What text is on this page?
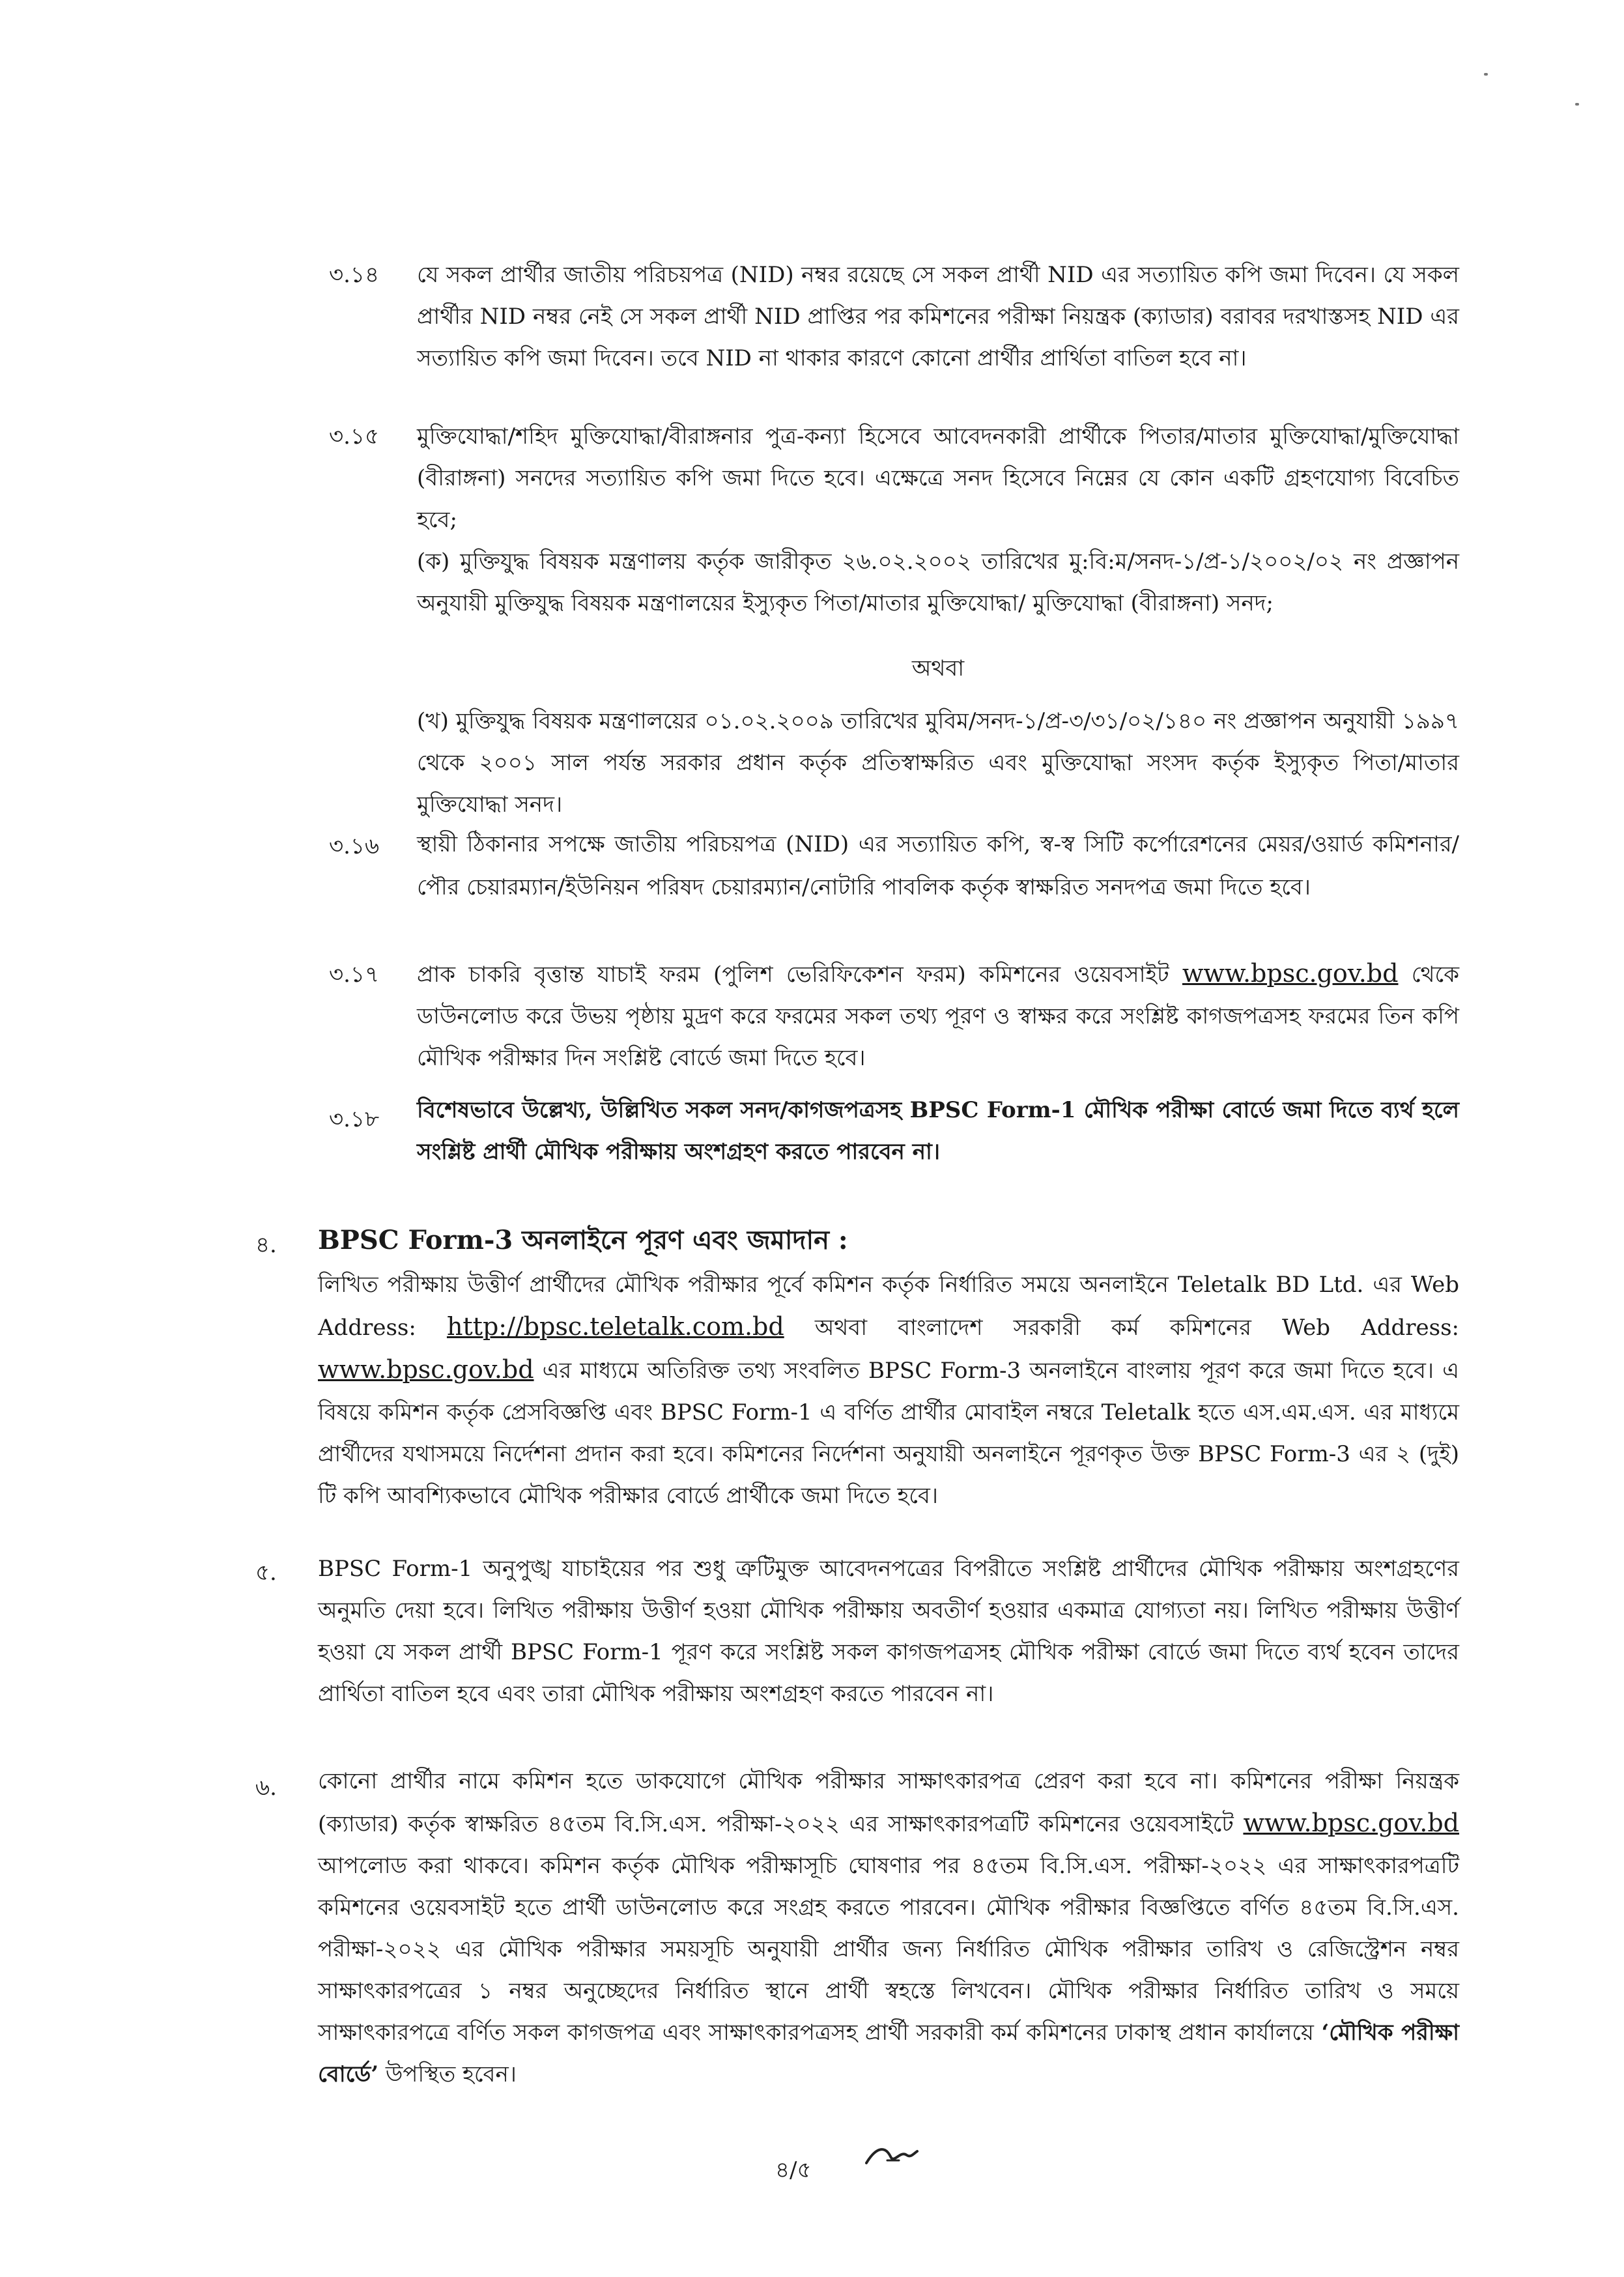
৩.১৪ যে সকল প্রার্থীর জাতীয় পরিচয়পত্র (NID) নম্বর রয়েছে সে সকল প্রার্থী NID এর সত্যায়িত কপি জমা দিবেন। যে সকল প্রার্থীর NID নম্বর নেই সে সকল প্রার্থী NID প্রাপ্তির পর কমিশনের পরীক্ষা নিয়ন্ত্রক (ক্যাডার) বরাবর দরখাস্তসহ NID এর সত্যায়িত কপি জমা দিবেন। তবে NID না থাকার কারণে কোনো প্রার্থীর প্রার্থিতা বাতিল হবে না।
৩.১৫ মুক্তিযোদ্ধা/শহিদ মুক্তিযোদ্ধা/বীরাঙ্গনার পুত্র-কন্যা হিসেবে আবেদনকারী প্রার্থীকে পিতার/মাতার মুক্তিযোদ্ধা/মুক্তিযোদ্ধা (বীরাঙ্গনা) সনদের সত্যায়িত কপি জমা দিতে হবে। এক্ষেত্রে সনদ হিসেবে নিম্নের যে কোন একটি গ্রহণযোগ্য বিবেচিত হবে;
(ক) মুক্তিযুদ্ধ বিষয়ক মন্ত্রণালয় কর্তৃক জারীকৃত ২৬.০২.২০০২ তারিখের মু:বি:ম/সনদ-১/প্র-১/২০০২/০২ নং প্রজ্ঞাপন অনুযায়ী মুক্তিযুদ্ধ বিষয়ক মন্ত্রণালয়ের ইস্যুকৃত পিতা/মাতার মুক্তিযোদ্ধা/ মুক্তিযোদ্ধা (বীরাঙ্গনা) সনদ;
অথবা
(খ) মুক্তিযুদ্ধ বিষয়ক মন্ত্রণালয়ের ০১.০২.২০০৯ তারিখের মুবিম/সনদ-১/প্র-৩/৩১/০২/১৪০ নং প্রজ্ঞাপন অনুযায়ী ১৯৯৭ থেকে ২০০১ সাল পর্যন্ত সরকার প্রধান কর্তৃক প্রতিস্বাক্ষরিত এবং মুক্তিযোদ্ধা সংসদ কর্তৃক ইস্যুকৃত পিতা/মাতার মুক্তিযোদ্ধা সনদ।
৩.১৬ স্থায়ী ঠিকানার সপক্ষে জাতীয় পরিচয়পত্র (NID) এর সত্যায়িত কপি, স্ব-স্ব সিটি কর্পোরেশনের মেয়র/ওয়ার্ড কমিশনার/পৌর চেয়ারম্যান/ইউনিয়ন পরিষদ চেয়ারম্যান/নোটারি পাবলিক কর্তৃক স্বাক্ষরিত সনদপত্র জমা দিতে হবে।
৩.১৭ প্রাক চাকরি বৃত্তান্ত যাচাই ফরম (পুলিশ ভেরিফিকেশন ফরম) কমিশনের ওয়েবসাইট www.bpsc.gov.bd থেকে ডাউনলোড করে উভয় পৃষ্ঠায় মুদ্রণ করে ফরমের সকল তথ্য পূরণ ও স্বাক্ষর করে সংশ্লিষ্ট কাগজপত্রসহ ফরমের তিন কপি মৌখিক পরীক্ষার দিন সংশ্লিষ্ট বোর্ডে জমা দিতে হবে।
৩.১৮ বিশেষভাবে উল্লেখ্য, উল্লিখিত সকল সনদ/কাগজপত্রসহ BPSC Form-1 মৌখিক পরীক্ষা বোর্ডে জমা দিতে ব্যর্থ হলে সংশ্লিষ্ট প্রার্থী মৌখিক পরীক্ষায় অংশগ্রহণ করতে পারবেন না।
৪. BPSC Form-3 অনলাইনে পূরণ এবং জমাদান :
লিখিত পরীক্ষায় উত্তীর্ণ প্রার্থীদের মৌখিক পরীক্ষার পূর্বে কমিশন কর্তৃক নির্ধারিত সময়ে অনলাইনে Teletalk BD Ltd. এর Web Address: http://bpsc.teletalk.com.bd অথবা বাংলাদেশ সরকারী কর্ম কমিশনের Web Address: www.bpsc.gov.bd এর মাধ্যমে অতিরিক্ত তথ্য সংবলিত BPSC Form-3 অনলাইনে বাংলায় পূরণ করে জমা দিতে হবে। এ বিষয়ে কমিশন কর্তৃক প্রেসবিজ্ঞপ্তি এবং BPSC Form-1 এ বর্ণিত প্রার্থীর মোবাইল নম্বরে Teletalk হতে এস.এম.এস. এর মাধ্যমে প্রার্থীদের যথাসময়ে নির্দেশনা প্রদান করা হবে। কমিশনের নির্দেশনা অনুযায়ী অনলাইনে পূরণকৃত উক্ত BPSC Form-3 এর ২ (দুই) টি কপি আবশ্যিকভাবে মৌখিক পরীক্ষার বোর্ডে প্রার্থীকে জমা দিতে হবে।
৫. BPSC Form-1 অনুপুঙ্খ যাচাইয়ের পর শুধু ত্রুটিমুক্ত আবেদনপত্রের বিপরীতে সংশ্লিষ্ট প্রার্থীদের মৌখিক পরীক্ষায় অংশগ্রহণের অনুমতি দেয়া হবে। লিখিত পরীক্ষায় উত্তীর্ণ হওয়া মৌখিক পরীক্ষায় অবতীর্ণ হওয়ার একমাত্র যোগ্যতা নয়। লিখিত পরীক্ষায় উত্তীর্ণ হওয়া যে সকল প্রার্থী BPSC Form-1 পূরণ করে সংশ্লিষ্ট সকল কাগজপত্রসহ মৌখিক পরীক্ষা বোর্ডে জমা দিতে ব্যর্থ হবেন তাদের প্রার্থিতা বাতিল হবে এবং তারা মৌখিক পরীক্ষায় অংশগ্রহণ করতে পারবেন না।
৬. কোনো প্রার্থীর নামে কমিশন হতে ডাকযোগে মৌখিক পরীক্ষার সাক্ষাৎকারপত্র প্রেরণ করা হবে না। কমিশনের পরীক্ষা নিয়ন্ত্রক (ক্যাডার) কর্তৃক স্বাক্ষরিত ৪৫তম বি.সি.এস. পরীক্ষা-২০২২ এর সাক্ষাৎকারপত্রটি কমিশনের ওয়েবসাইটে www.bpsc.gov.bd আপলোড করা থাকবে। কমিশন কর্তৃক মৌখিক পরীক্ষাসূচি ঘোষণার পর ৪৫তম বি.সি.এস. পরীক্ষা-২০২২ এর সাক্ষাৎকারপত্রটি কমিশনের ওয়েবসাইট হতে প্রার্থী ডাউনলোড করে সংগ্রহ করতে পারবেন। মৌখিক পরীক্ষার বিজ্ঞপ্তিতে বর্ণিত ৪৫তম বি.সি.এস. পরীক্ষা-২০২২ এর মৌখিক পরীক্ষার সময়সূচি অনুযায়ী প্রার্থীর জন্য নির্ধারিত মৌখিক পরীক্ষার তারিখ ও রেজিস্ট্রেশন নম্বর সাক্ষাৎকারপত্রের ১ নম্বর অনুচ্ছেদের নির্ধারিত স্থানে প্রার্থী স্বহস্তে লিখবেন। মৌখিক পরীক্ষার নির্ধারিত তারিখ ও সময়ে সাক্ষাৎকারপত্রে বর্ণিত সকল কাগজপত্র এবং সাক্ষাৎকারপত্রসহ প্রার্থী সরকারী কর্ম কমিশনের ঢাকাস্থ প্রধান কার্যালয়ে ‘মৌখিক পরীক্ষা বোর্ডে’ উপস্থিত হবেন।
৪/৫
